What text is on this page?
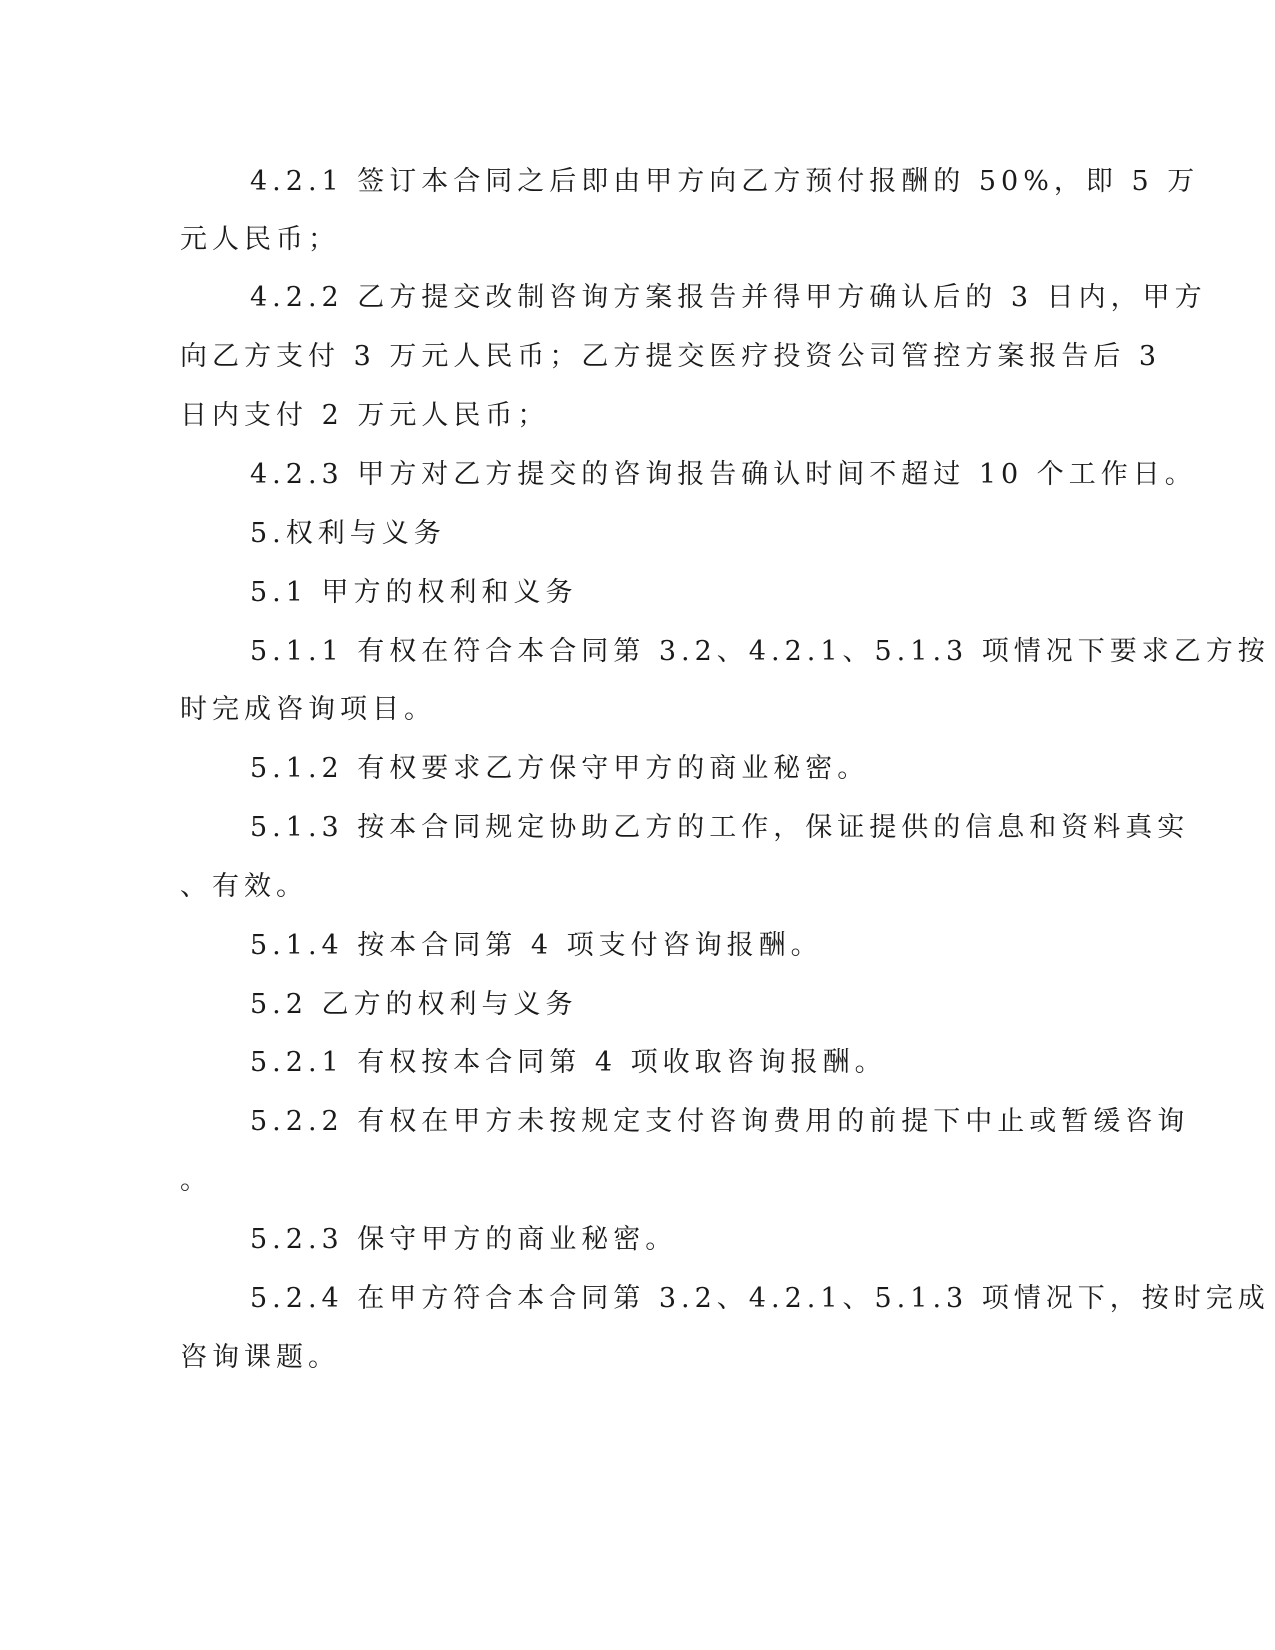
4.2.1 签订本合同之后即由甲方向乙方预付报酬的 50%，即 5 万
元人民币；
4.2.2 乙方提交改制咨询方案报告并得甲方确认后的 3 日内，甲方
向乙方支付 3 万元人民币；乙方提交医疗投资公司管控方案报告后 3
日内支付 2 万元人民币；
4.2.3 甲方对乙方提交的咨询报告确认时间不超过 10 个工作日。
5.权利与义务
5.1 甲方的权利和义务
5.1.1 有权在符合本合同第 3.2、4.2.1、5.1.3 项情况下要求乙方按
时完成咨询项目。
5.1.2 有权要求乙方保守甲方的商业秘密。
5.1.3 按本合同规定协助乙方的工作，保证提供的信息和资料真实
、有效。
5.1.4 按本合同第 4 项支付咨询报酬。
5.2 乙方的权利与义务
5.2.1 有权按本合同第 4 项收取咨询报酬。
5.2.2 有权在甲方未按规定支付咨询费用的前提下中止或暂缓咨询
。
5.2.3 保守甲方的商业秘密。
5.2.4 在甲方符合本合同第 3.2、4.2.1、5.1.3 项情况下，按时完成
咨询课题。
